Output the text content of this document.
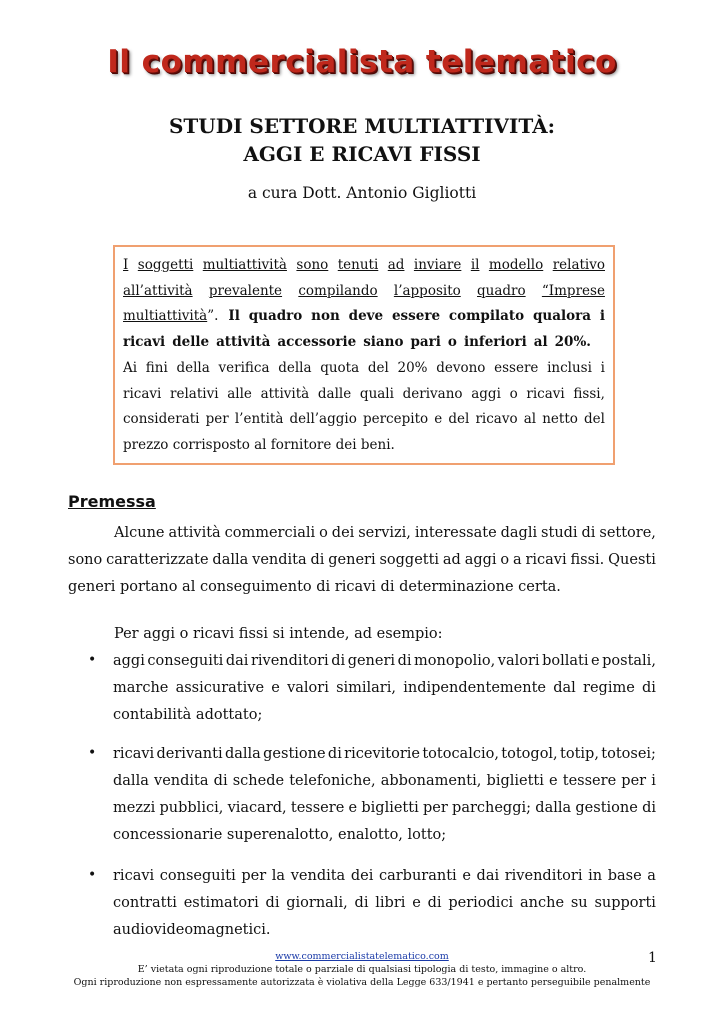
Il commercialista telematico
STUDI SETTORE MULTIATTIVITÀ:
AGGI E RICAVI FISSI
a cura Dott. Antonio Gigliotti
I soggetti multiattività sono tenuti ad inviare il modello relativo
all’attività prevalente compilando l’apposito quadro “Imprese
multiattività ”. Il quadro non deve essere compilato qualora i
ricavi delle attività accessorie siano pari o inferiori al 20%.
Ai fini della verifica della quota del 20% devono essere inclusi i
ricavi relativi alle attività dalle quali derivano aggi o ricavi fissi,
considerati per l’entità dell’aggio percepito e del ricavo al netto del
prezzo corrisposto al fornitore dei beni.
Premessa
Alcune attività commerciali o dei servizi, interessate dagli studi di settore,
sono caratterizzate dalla vendita di generi soggetti ad aggi o a ricavi fissi. Questi
generi portano al conseguimento di ricavi di determinazione certa.
Per aggi o ricavi fissi si intende, ad esempio:
• aggi conseguiti dai rivenditori di generi di monopolio, valori bollati e postali,
marche assicurative e valori similari, indipendentemente dal regime di
contabilità adottato;
• ricavi derivanti dalla gestione di ricevitorie totocalcio, totogol, totip, totosei;
dalla vendita di schede telefoniche, abbonamenti, biglietti e tessere per i
mezzi pubblici, viacard, tessere e biglietti per parcheggi; dalla gestione di
concessionarie superenalotto, enalotto, lotto;
• ricavi conseguiti per la vendita dei carburanti e dai rivenditori in base a
contratti estimatori di giornali, di libri e di periodici anche su supporti
audiovideomagnetici.
www.commercialistatelematico.com
E’ vietata ogni riproduzione totale o parziale di qualsiasi tipologia di testo, immagine o altro.
Ogni riproduzione non espressamente autorizzata è violativa della Legge 633/1941 e pertanto perseguibile penalmente
1
